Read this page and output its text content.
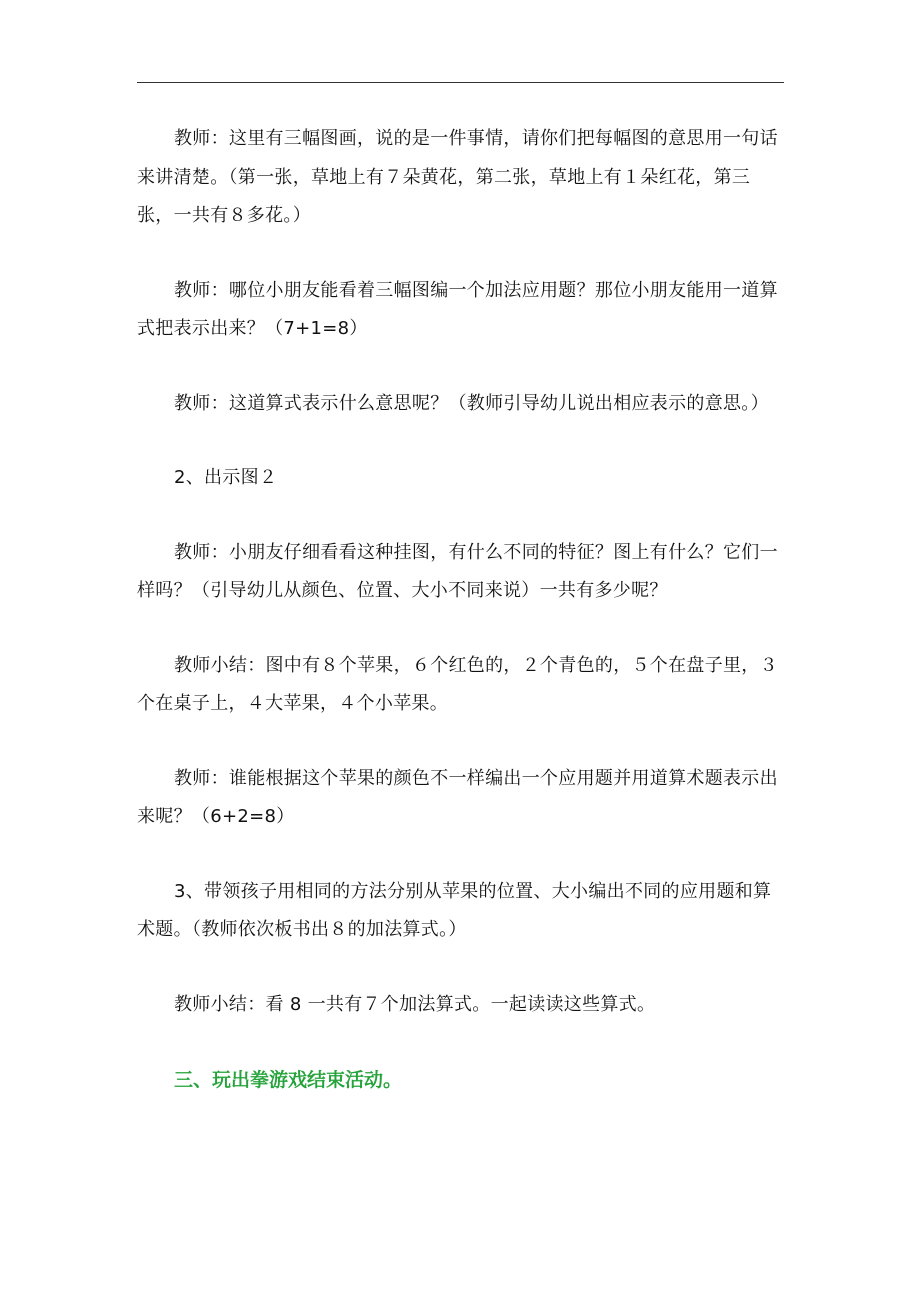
教师：这里有三幅图画，说的是一件事情，请你们把每幅图的意思用一句话来讲清楚。（第一张，草地上有７朵黄花，第二张，草地上有１朵红花，第三张，一共有８多花。）

教师：哪位小朋友能看着三幅图编一个加法应用题？那位小朋友能用一道算式把表示出来？（7+1=8）

教师：这道算式表示什么意思呢？（教师引导幼儿说出相应表示的意思。）

2、出示图２

教师：小朋友仔细看看这种挂图，有什么不同的特征？图上有什么？它们一样吗？（引导幼儿从颜色、位置、大小不同来说）一共有多少呢？

教师小结：图中有８个苹果，６个红色的，２个青色的，５个在盘子里，３个在桌子上，４大苹果，４个小苹果。

教师：谁能根据这个苹果的颜色不一样编出一个应用题并用道算术题表示出来呢？（6+2=8）

3、带领孩子用相同的方法分别从苹果的位置、大小编出不同的应用题和算术题。（教师依次板书出８的加法算式。）

教师小结：看 8 一共有７个加法算式。一起读读这些算式。

三、玩出拳游戏结束活动。
